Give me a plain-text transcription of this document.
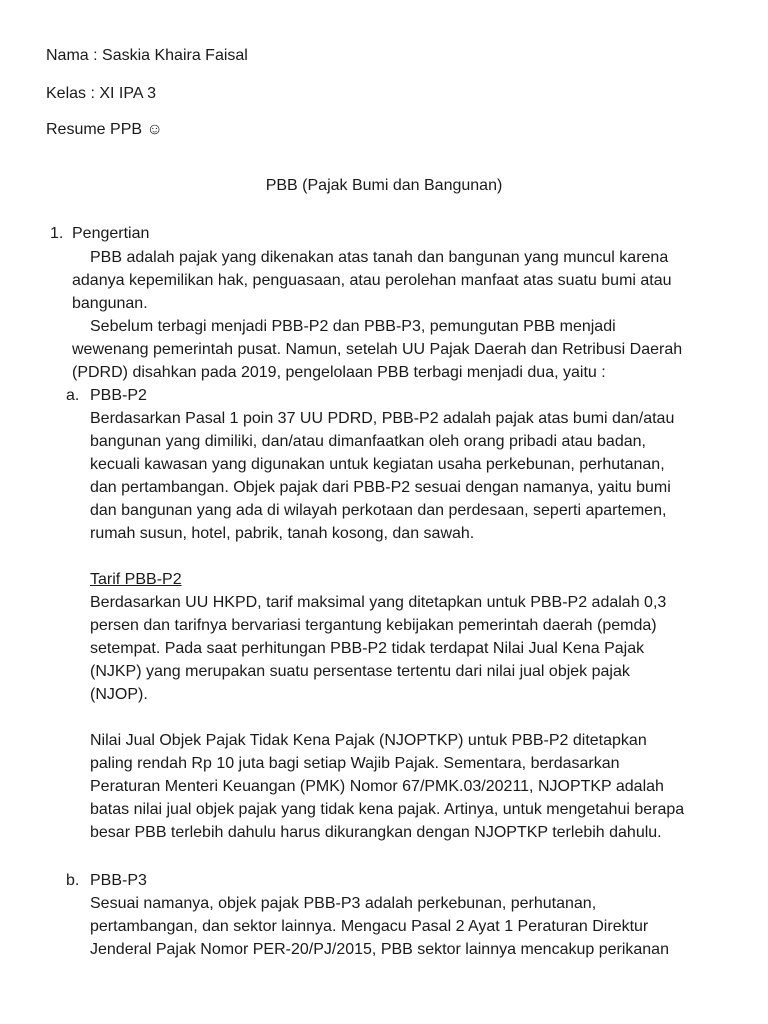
Nama : Saskia Khaira Faisal
Kelas : XI IPA 3
Resume PPB ☺
PBB (Pajak Bumi dan Bangunan)
1. Pengertian
PBB adalah pajak yang dikenakan atas tanah dan bangunan yang muncul karena
adanya kepemilikan hak, penguasaan, atau perolehan manfaat atas suatu bumi atau
bangunan.
Sebelum terbagi menjadi PBB-P2 dan PBB-P3, pemungutan PBB menjadi
wewenang pemerintah pusat. Namun, setelah UU Pajak Daerah dan Retribusi Daerah
(PDRD) disahkan pada 2019, pengelolaan PBB terbagi menjadi dua, yaitu :
a. PBB-P2
Berdasarkan Pasal 1 poin 37 UU PDRD, PBB-P2 adalah pajak atas bumi dan/atau
bangunan yang dimiliki, dan/atau dimanfaatkan oleh orang pribadi atau badan,
kecuali kawasan yang digunakan untuk kegiatan usaha perkebunan, perhutanan,
dan pertambangan. Objek pajak dari PBB-P2 sesuai dengan namanya, yaitu bumi
dan bangunan yang ada di wilayah perkotaan dan perdesaan, seperti apartemen,
rumah susun, hotel, pabrik, tanah kosong, dan sawah.
Tarif PBB-P2
Berdasarkan UU HKPD, tarif maksimal yang ditetapkan untuk PBB-P2 adalah 0,3
persen dan tarifnya bervariasi tergantung kebijakan pemerintah daerah (pemda)
setempat. Pada saat perhitungan PBB-P2 tidak terdapat Nilai Jual Kena Pajak
(NJKP) yang merupakan suatu persentase tertentu dari nilai jual objek pajak
(NJOP).
Nilai Jual Objek Pajak Tidak Kena Pajak (NJOPTKP) untuk PBB-P2 ditetapkan
paling rendah Rp 10 juta bagi setiap Wajib Pajak. Sementara, berdasarkan
Peraturan Menteri Keuangan (PMK) Nomor 67/PMK.03/20211, NJOPTKP adalah
batas nilai jual objek pajak yang tidak kena pajak. Artinya, untuk mengetahui berapa
besar PBB terlebih dahulu harus dikurangkan dengan NJOPTKP terlebih dahulu.
b. PBB-P3
Sesuai namanya, objek pajak PBB-P3 adalah perkebunan, perhutanan,
pertambangan, dan sektor lainnya. Mengacu Pasal 2 Ayat 1 Peraturan Direktur
Jenderal Pajak Nomor PER-20/PJ/2015, PBB sektor lainnya mencakup perikanan
